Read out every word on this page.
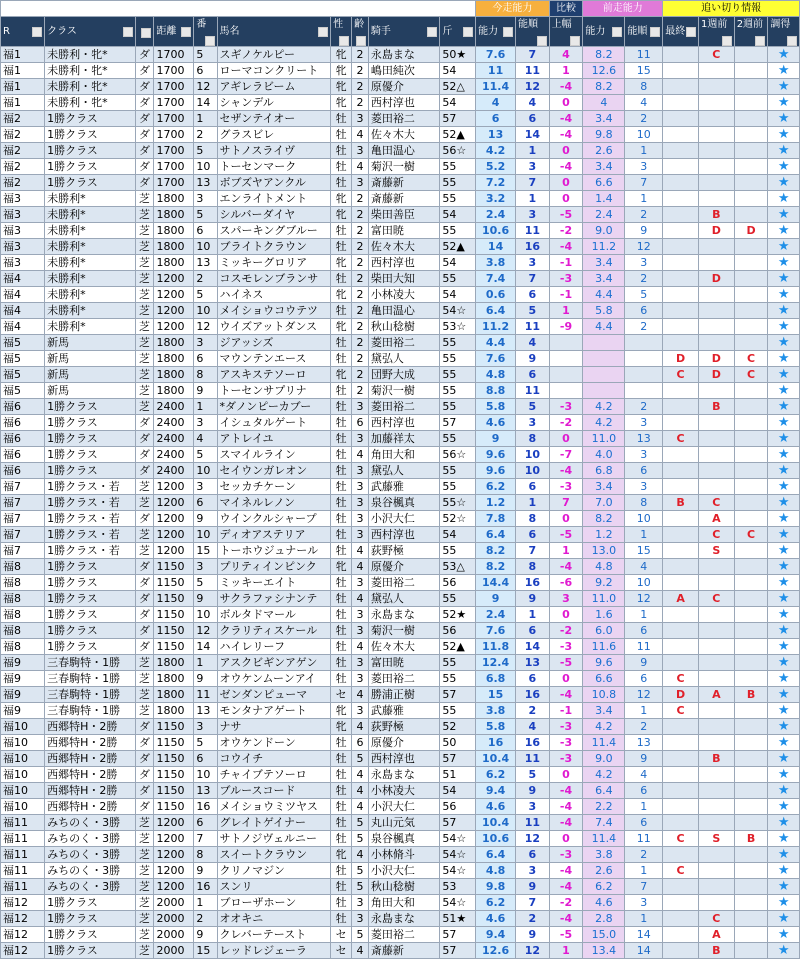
										今走能力		比較	前走能力		追い切り情報			
R	クラス		距離	番	馬名	性	齢	騎手	斤	能力	能順	上幅	能力	能順	最終	1週前	2週前	調得

福1	未勝利・牝*	ダ	1700	5	スギノケルピー	牝	2	永島まな	50★	7.6	7	4	8.2	11		C		★
福1	未勝利・牝*	ダ	1700	6	ローマコンクリート	牝	2	嶋田純次	54	11	11	1	12.6	15				★
福1	未勝利・牝*	ダ	1700	12	アギレラビーム	牝	2	原優介	52△	11.4	12	-4	8.2	8				★
福1	未勝利・牝*	ダ	1700	14	シャンデル	牝	2	西村淳也	54	4	4	0	4	4				★
福2	1勝クラス	ダ	1700	1	セザンテイオー	牡	3	菱田裕二	57	6	6	-4	3.4	2				★
福2	1勝クラス	ダ	1700	2	グラスビレ	牡	4	佐々木大	52▲	13	14	-4	9.8	10				★
福2	1勝クラス	ダ	1700	5	サトノスライヴ	牡	3	亀田温心	56☆	4.2	1	0	2.6	1				★
福2	1勝クラス	ダ	1700	10	トーセンマーク	牡	4	菊沢一樹	55	5.2	3	-4	3.4	3				★
福2	1勝クラス	ダ	1700	13	ボブズヤアンクル	牡	3	斎藤新	55	7.2	7	0	6.6	7				★
福3	未勝利*	芝	1800	3	エンライトメント	牝	2	斎藤新	55	3.2	1	0	1.4	1				★
福3	未勝利*	芝	1800	5	シルバーダイヤ	牝	2	柴田善臣	54	2.4	3	-5	2.4	2		B		★
福3	未勝利*	芝	1800	6	スパーキングブルー	牡	2	富田暁	55	10.6	11	-2	9.0	9		D	D	★
福3	未勝利*	芝	1800	10	ブライトクラウン	牡	2	佐々木大	52▲	14	16	-4	11.2	12				★
福3	未勝利*	芝	1800	13	ミッキーグロリア	牝	2	西村淳也	54	3.8	3	-1	3.4	3				★
福4	未勝利*	芝	1200	2	コスモレンブランサ	牡	2	柴田大知	55	7.4	7	-3	3.4	2		D		★
福4	未勝利*	芝	1200	5	ハイネス	牝	2	小林凌大	54	0.6	6	-1	4.4	5				★
福4	未勝利*	芝	1200	10	メイショウコウテツ	牡	2	亀田温心	54☆	6.4	5	1	5.8	6				★
福4	未勝利*	芝	1200	12	ウイズアットダンス	牝	2	秋山稔樹	53☆	11.2	11	-9	4.4	2				★
福5	新馬	芝	1800	3	ジアッシズ	牡	2	菱田裕二	55	4.4	4							★
福5	新馬	芝	1800	6	マウンテンエース	牡	2	黛弘人	55	7.6	9				D	D	C	★
福5	新馬	芝	1800	8	アスキステソーロ	牝	2	団野大成	55	4.8	6				C	D	C	★
福5	新馬	芝	1800	9	トーセンサプリナ	牡	2	菊沢一樹	55	8.8	11							★
福6	1勝クラス	芝	2400	1	*ダノンピーカブー	牡	3	菱田裕二	55	5.8	5	-3	4.2	2		B		★
福6	1勝クラス	ダ	2400	3	イシュタルゲート	牡	6	西村淳也	57	4.6	3	-2	4.2	3				★
福6	1勝クラス	ダ	2400	4	アトレイユ	牡	3	加藤祥太	55	9	8	0	11.0	13	C			★
福6	1勝クラス	ダ	2400	5	スマイルライン	牡	4	角田大和	56☆	9.6	10	-7	4.0	3				★
福6	1勝クラス	ダ	2400	10	セイウンガレオン	牡	3	黛弘人	55	9.6	10	-4	6.8	6				★
福7	1勝クラス・若	芝	1200	3	セッカチケーン	牡	3	武藤雅	55	6.2	6	-3	3.4	3				★
福7	1勝クラス・若	芝	1200	6	マイネルレノン	牡	3	泉谷楓真	55☆	1.2	1	7	7.0	8	B	C		★
福7	1勝クラス・若	ダ	1200	9	ウインクルシャープ	牡	3	小沢大仁	52☆	7.8	8	0	8.2	10		A		★
福7	1勝クラス・若	芝	1200	10	ディオアステリア	牡	3	西村淳也	54	6.4	6	-5	1.2	1		C	C	★
福7	1勝クラス・若	芝	1200	15	トーホウジュナール	牡	4	荻野極	55	8.2	7	1	13.0	15		S		★
福8	1勝クラス	ダ	1150	3	プリティインピンク	牝	4	原優介	53△	8.2	8	-4	4.8	4				★
福8	1勝クラス	ダ	1150	5	ミッキーエイト	牡	3	菱田裕二	56	14.4	16	-6	9.2	10				★
福8	1勝クラス	ダ	1150	9	サクラファシナンテ	牡	4	黛弘人	55	9	9	3	11.0	12	A	C		★
福8	1勝クラス	ダ	1150	10	ボルタドマール	牡	3	永島まな	52★	2.4	1	0	1.6	1				★
福8	1勝クラス	ダ	1150	12	クラリティスケール	牡	3	菊沢一樹	56	7.6	6	-2	6.0	6				★
福8	1勝クラス	ダ	1150	14	ハイレリーフ	牡	4	佐々木大	52▲	11.8	14	-3	11.6	11				★
福9	三春駒特・1勝	芝	1800	1	アスクビギンアゲン	牡	3	富田暁	55	12.4	13	-5	9.6	9				★
福9	三春駒特・1勝	芝	1800	9	オウケンムーンアイ	牡	3	菱田裕二	55	6.8	6	0	6.6	6	C			★
福9	三春駒特・1勝	芝	1800	11	ゼンダンピューマ	セ	4	勝浦正樹	57	15	16	-4	10.8	12	D	A	B	★
福9	三春駒特・1勝	芝	1800	13	モンタナアゲート	牝	3	武藤雅	55	3.8	2	-1	3.4	1	C			★
福10	西郷特H・2勝	ダ	1150	3	ナサ	牝	4	荻野極	52	5.8	4	-3	4.2	2				★
福10	西郷特H・2勝	ダ	1150	5	オウケンドーン	牡	6	原優介	50	16	16	-3	11.4	13				★
福10	西郷特H・2勝	ダ	1150	6	コウイチ	牡	5	西村淳也	57	10.4	11	-3	9.0	9		B		★
福10	西郷特H・2勝	ダ	1150	10	チャイブテソーロ	牡	4	永島まな	51	6.2	5	0	4.2	4				★
福10	西郷特H・2勝	ダ	1150	13	ブルースコード	牡	4	小林凌大	54	9.4	9	-4	6.4	6				★
福10	西郷特H・2勝	ダ	1150	16	メイショウミツヤス	牡	4	小沢大仁	56	4.6	3	-4	2.2	1				★
福11	みちのく・3勝	芝	1200	6	グレイトゲイナー	牡	5	丸山元気	57	10.4	11	-4	7.4	6				★
福11	みちのく・3勝	芝	1200	7	サトノジヴェルニー	牡	5	泉谷楓真	54☆	10.6	12	0	11.4	11	C	S	B	★
福11	みちのく・3勝	芝	1200	8	スイートクラウン	牝	4	小林脩斗	54☆	6.4	6	-3	3.8	2				★
福11	みちのく・3勝	芝	1200	9	クリノマジン	牡	5	小沢大仁	54☆	4.8	3	-4	2.6	1	C			★
福11	みちのく・3勝	芝	1200	16	スンリ	牡	5	秋山稔樹	53	9.8	9	-4	6.2	7				★
福12	1勝クラス	芝	2000	1	ブローザホーン	牡	3	角田大和	54☆	6.2	7	-2	4.6	3				★
福12	1勝クラス	芝	2000	2	オオキニ	牡	3	永島まな	51★	4.6	2	-4	2.8	1		C		★
福12	1勝クラス	芝	2000	9	クレバーテースト	セ	5	菱田裕二	57	9.4	9	-5	15.0	14		A		★
福12	1勝クラス	芝	2000	15	レッドレジェーラ	セ	4	斎藤新	57	12.6	12	1	13.4	14		B		★
